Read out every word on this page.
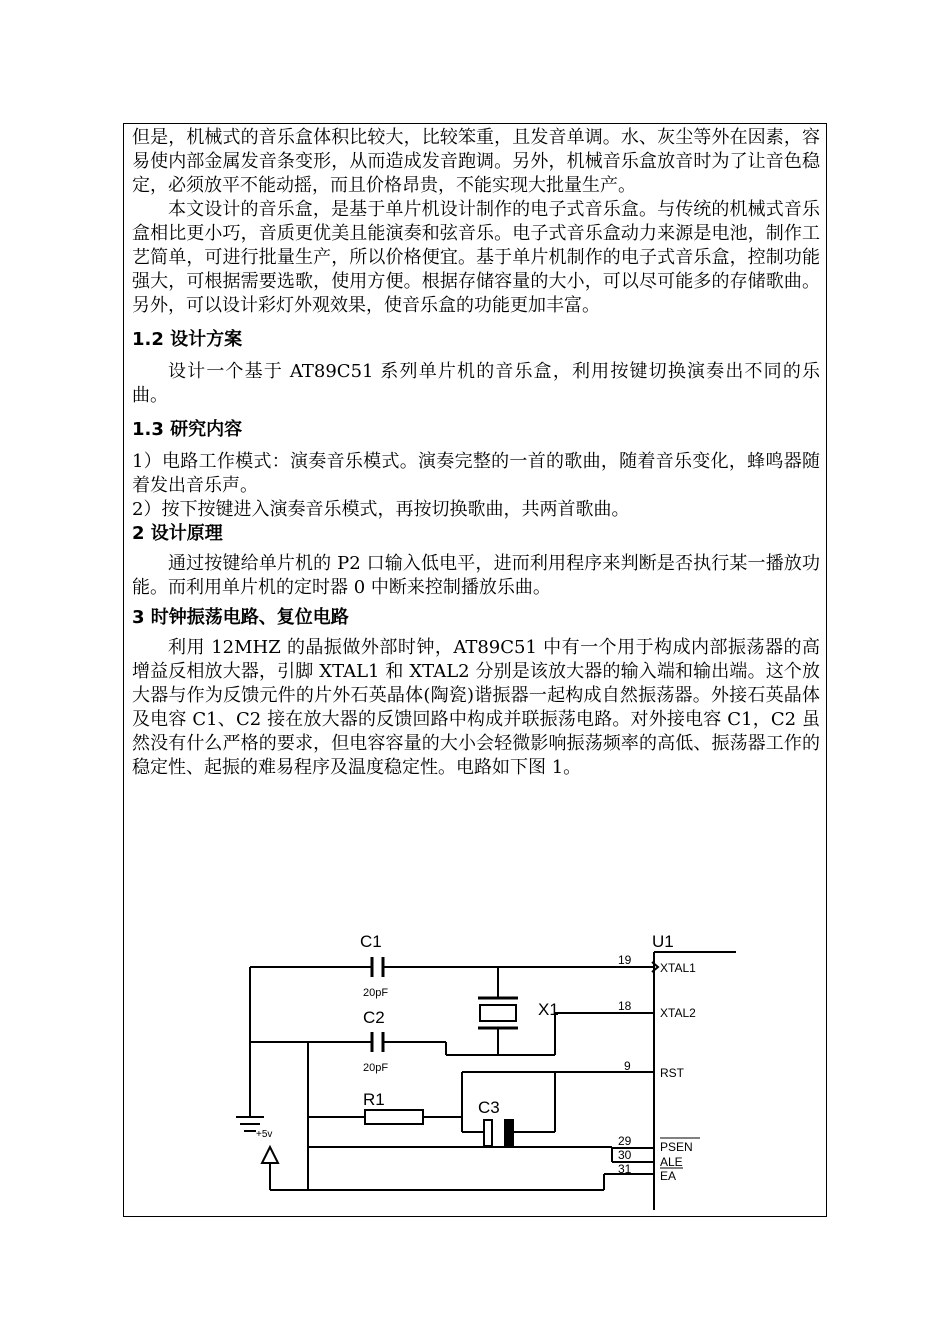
但是，机械式的音乐盒体积比较大，比较笨重，且发音单调。水、灰尘等外在因素，容易使内部金属发音条变形，从而造成发音跑调。另外，机械音乐盒放音时为了让音色稳定，必须放平不能动摇，而且价格昂贵，不能实现大批量生产。

本文设计的音乐盒，是基于单片机设计制作的电子式音乐盒。与传统的机械式音乐盒相比更小巧，音质更优美且能演奏和弦音乐。电子式音乐盒动力来源是电池，制作工艺简单，可进行批量生产，所以价格便宜。基于单片机制作的电子式音乐盒，控制功能强大，可根据需要选歌，使用方便。根据存储容量的大小，可以尽可能多的存储歌曲。另外，可以设计彩灯外观效果，使音乐盒的功能更加丰富。

1.2 设计方案

设计一个基于 AT89C51 系列单片机的音乐盒，利用按键切换演奏出不同的乐曲。

1.3 研究内容

1）电路工作模式：演奏音乐模式。演奏完整的一首的歌曲，随着音乐变化，蜂鸣器随着发出音乐声。

2）按下按键进入演奏音乐模式，再按切换歌曲，共两首歌曲。

2 设计原理

通过按键给单片机的 P2 口输入低电平，进而利用程序来判断是否执行某一播放功能。而利用单片机的定时器 0 中断来控制播放乐曲。

3 时钟振荡电路、复位电路

利用 12MHZ 的晶振做外部时钟，AT89C51 中有一个用于构成内部振荡器的高增益反相放大器，引脚 XTAL1 和 XTAL2 分别是该放大器的输入端和输出端。这个放大器与作为反馈元件的片外石英晶体(陶瓷)谐振器一起构成自然振荡器。外接石英晶体及电容 C1、C2 接在放大器的反馈回路中构成并联振荡电路。对外接电容 C1，C2 虽然没有什么严格的要求，但电容容量的大小会轻微影响振荡频率的高低、振荡器工作的稳定性、起振的难易程序及温度稳定性。电路如下图 1。

U1
C1
20pF
X1
C2
20pF
R1	C3
+5v
19
XTAL1
18 XTAL2
9 RST
29 PSEN
30 ALE
31 EA
